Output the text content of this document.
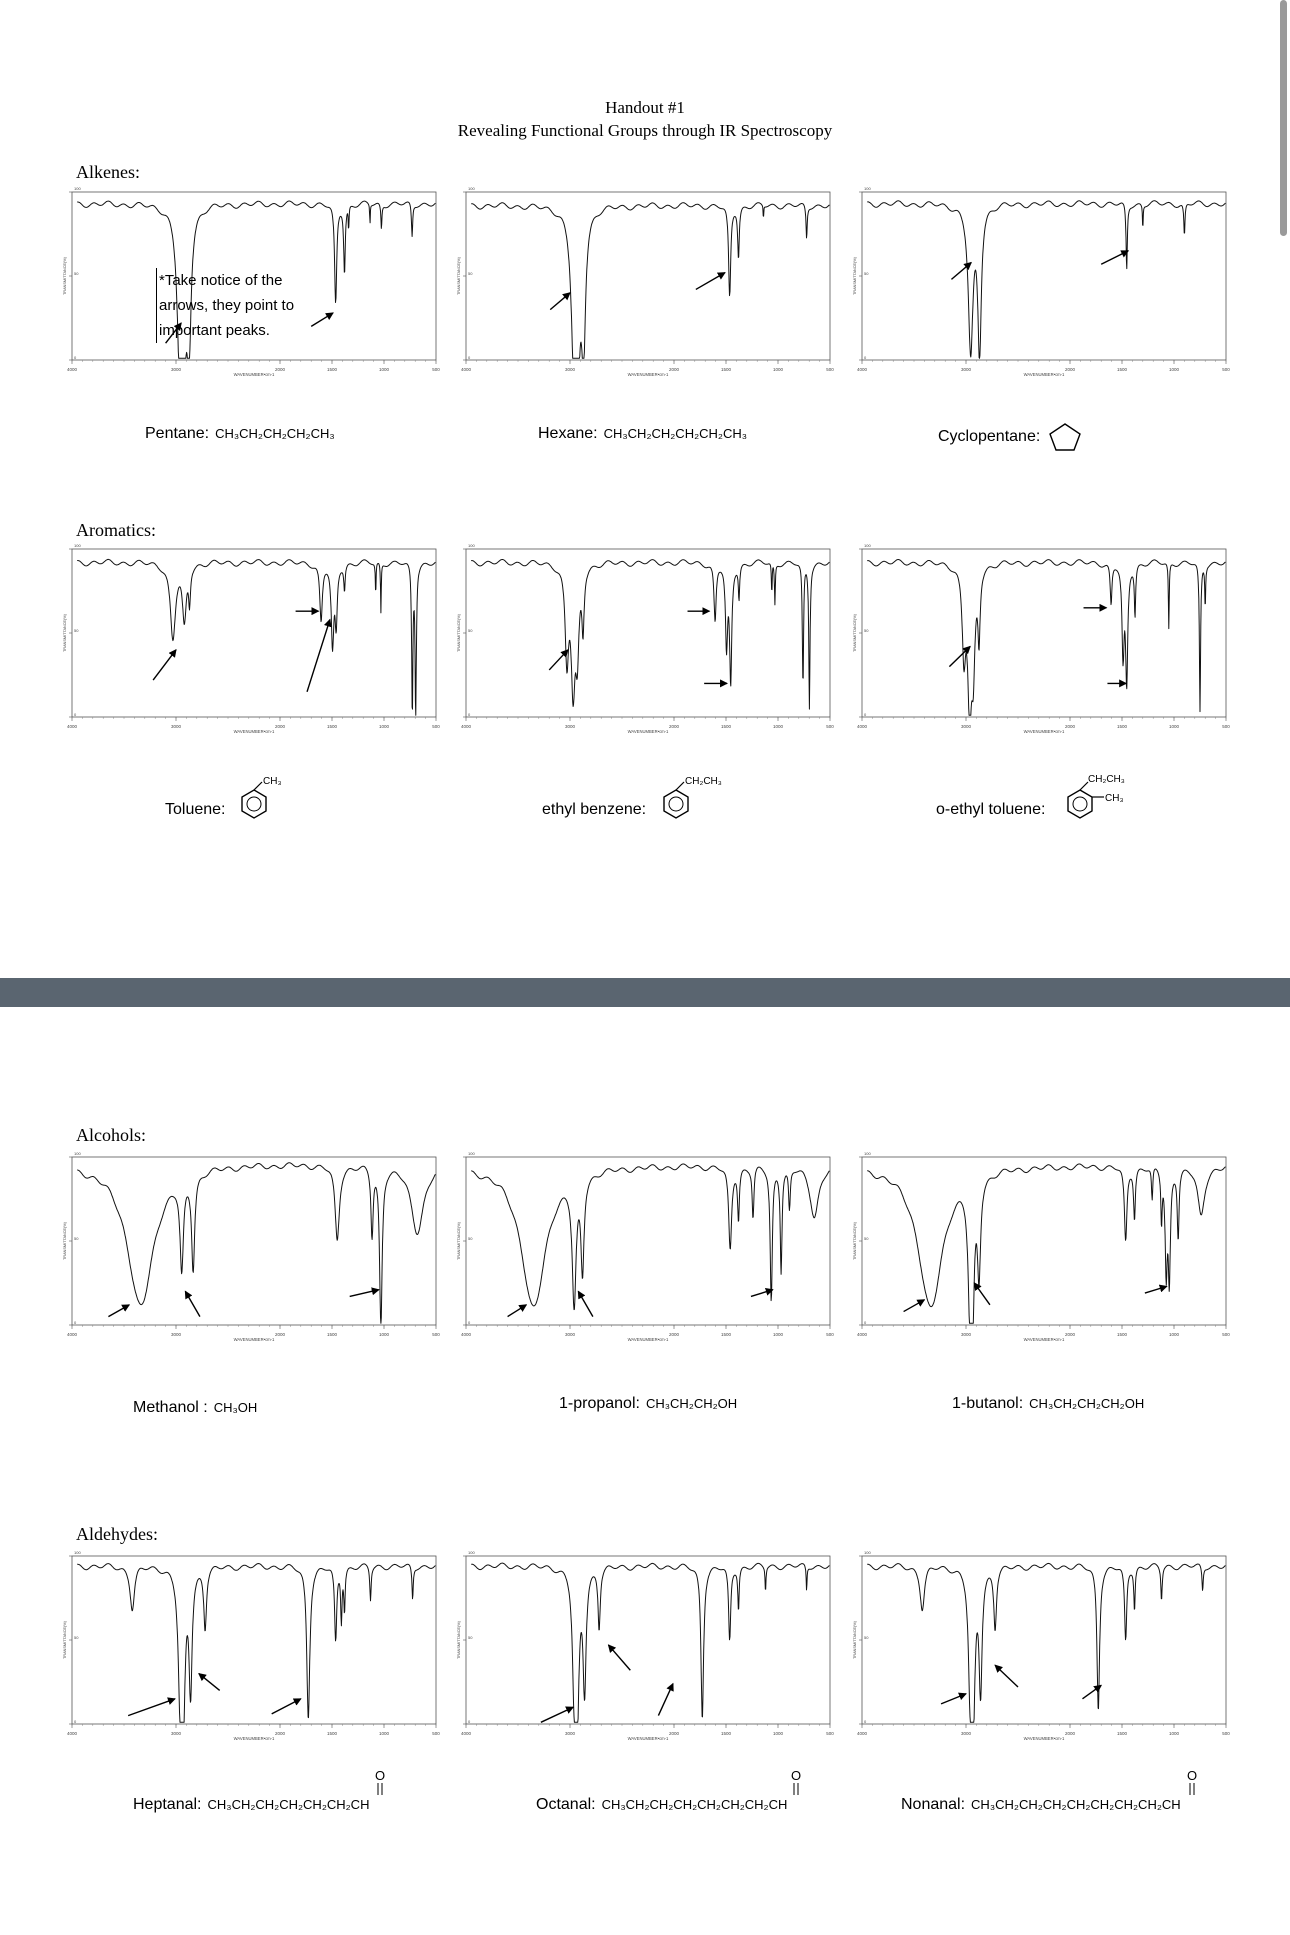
Handout #1
Revealing Functional Groups through IR Spectroscopy
Alkenes:
Aromatics:
Alcohols:
Aldehydes:
4000	3000	2000	1500	1000	500
100
50
0
WAVENUMBER•cm-1
TRANSMITTANCE(%)
4000	3000	2000	1500	1000	500
100
50
0
WAVENUMBER•cm-1
TRANSMITTANCE(%)
4000	3000	2000	1500	1000	500
100
50
0
WAVENUMBER•cm-1
TRANSMITTANCE(%)
4000	3000	2000	1500	1000	500
100
50
0
WAVENUMBER•cm-1
TRANSMITTANCE(%)
4000	3000	2000	1500	1000	500
100
50
0
WAVENUMBER•cm-1
TRANSMITTANCE(%)
4000	3000	2000	1500	1000	500
100
50
0
WAVENUMBER•cm-1
TRANSMITTANCE(%)
4000	3000	2000	1500	1000	500
100
50
0
WAVENUMBER•cm-1
TRANSMITTANCE(%)
4000	3000	2000	1500	1000	500
100
50
0
WAVENUMBER•cm-1
TRANSMITTANCE(%)
4000	3000	2000	1500	1000	500
100
50
0
WAVENUMBER•cm-1
TRANSMITTANCE(%)
4000	3000	2000	1500	1000	500
100
50
0
WAVENUMBER•cm-1
TRANSMITTANCE(%)
4000	3000	2000	1500	1000	500
100
50
0
WAVENUMBER•cm-1
TRANSMITTANCE(%)
4000	3000	2000	1500	1000	500
100
50
0
WAVENUMBER•cm-1
TRANSMITTANCE(%)
*Take notice of the arrows, they point to important peaks.
Pentane: CH₃CH₂CH₂CH₂CH₃	Hexane: CH₃CH₂CH₂CH₂CH₂CH₃	Cyclopentane:
Toluene:
CH₃
ethyl benzene:
CH₂CH₃
o-ethyl toluene:
CH₂CH₃
CH₃
Methanol : CH₃OH	1-propanol: CH₃CH₂CH₂OH	1-butanol: CH₃CH₂CH₂CH₂OH
Heptanal: CH₃CH₂CH₂CH₂CH₂CH₂CH
O
Octanal: CH₃CH₂CH₂CH₂CH₂CH₂CH₂CH
O
Nonanal: CH₃CH₂CH₂CH₂CH₂CH₂CH₂CH₂CH
O
